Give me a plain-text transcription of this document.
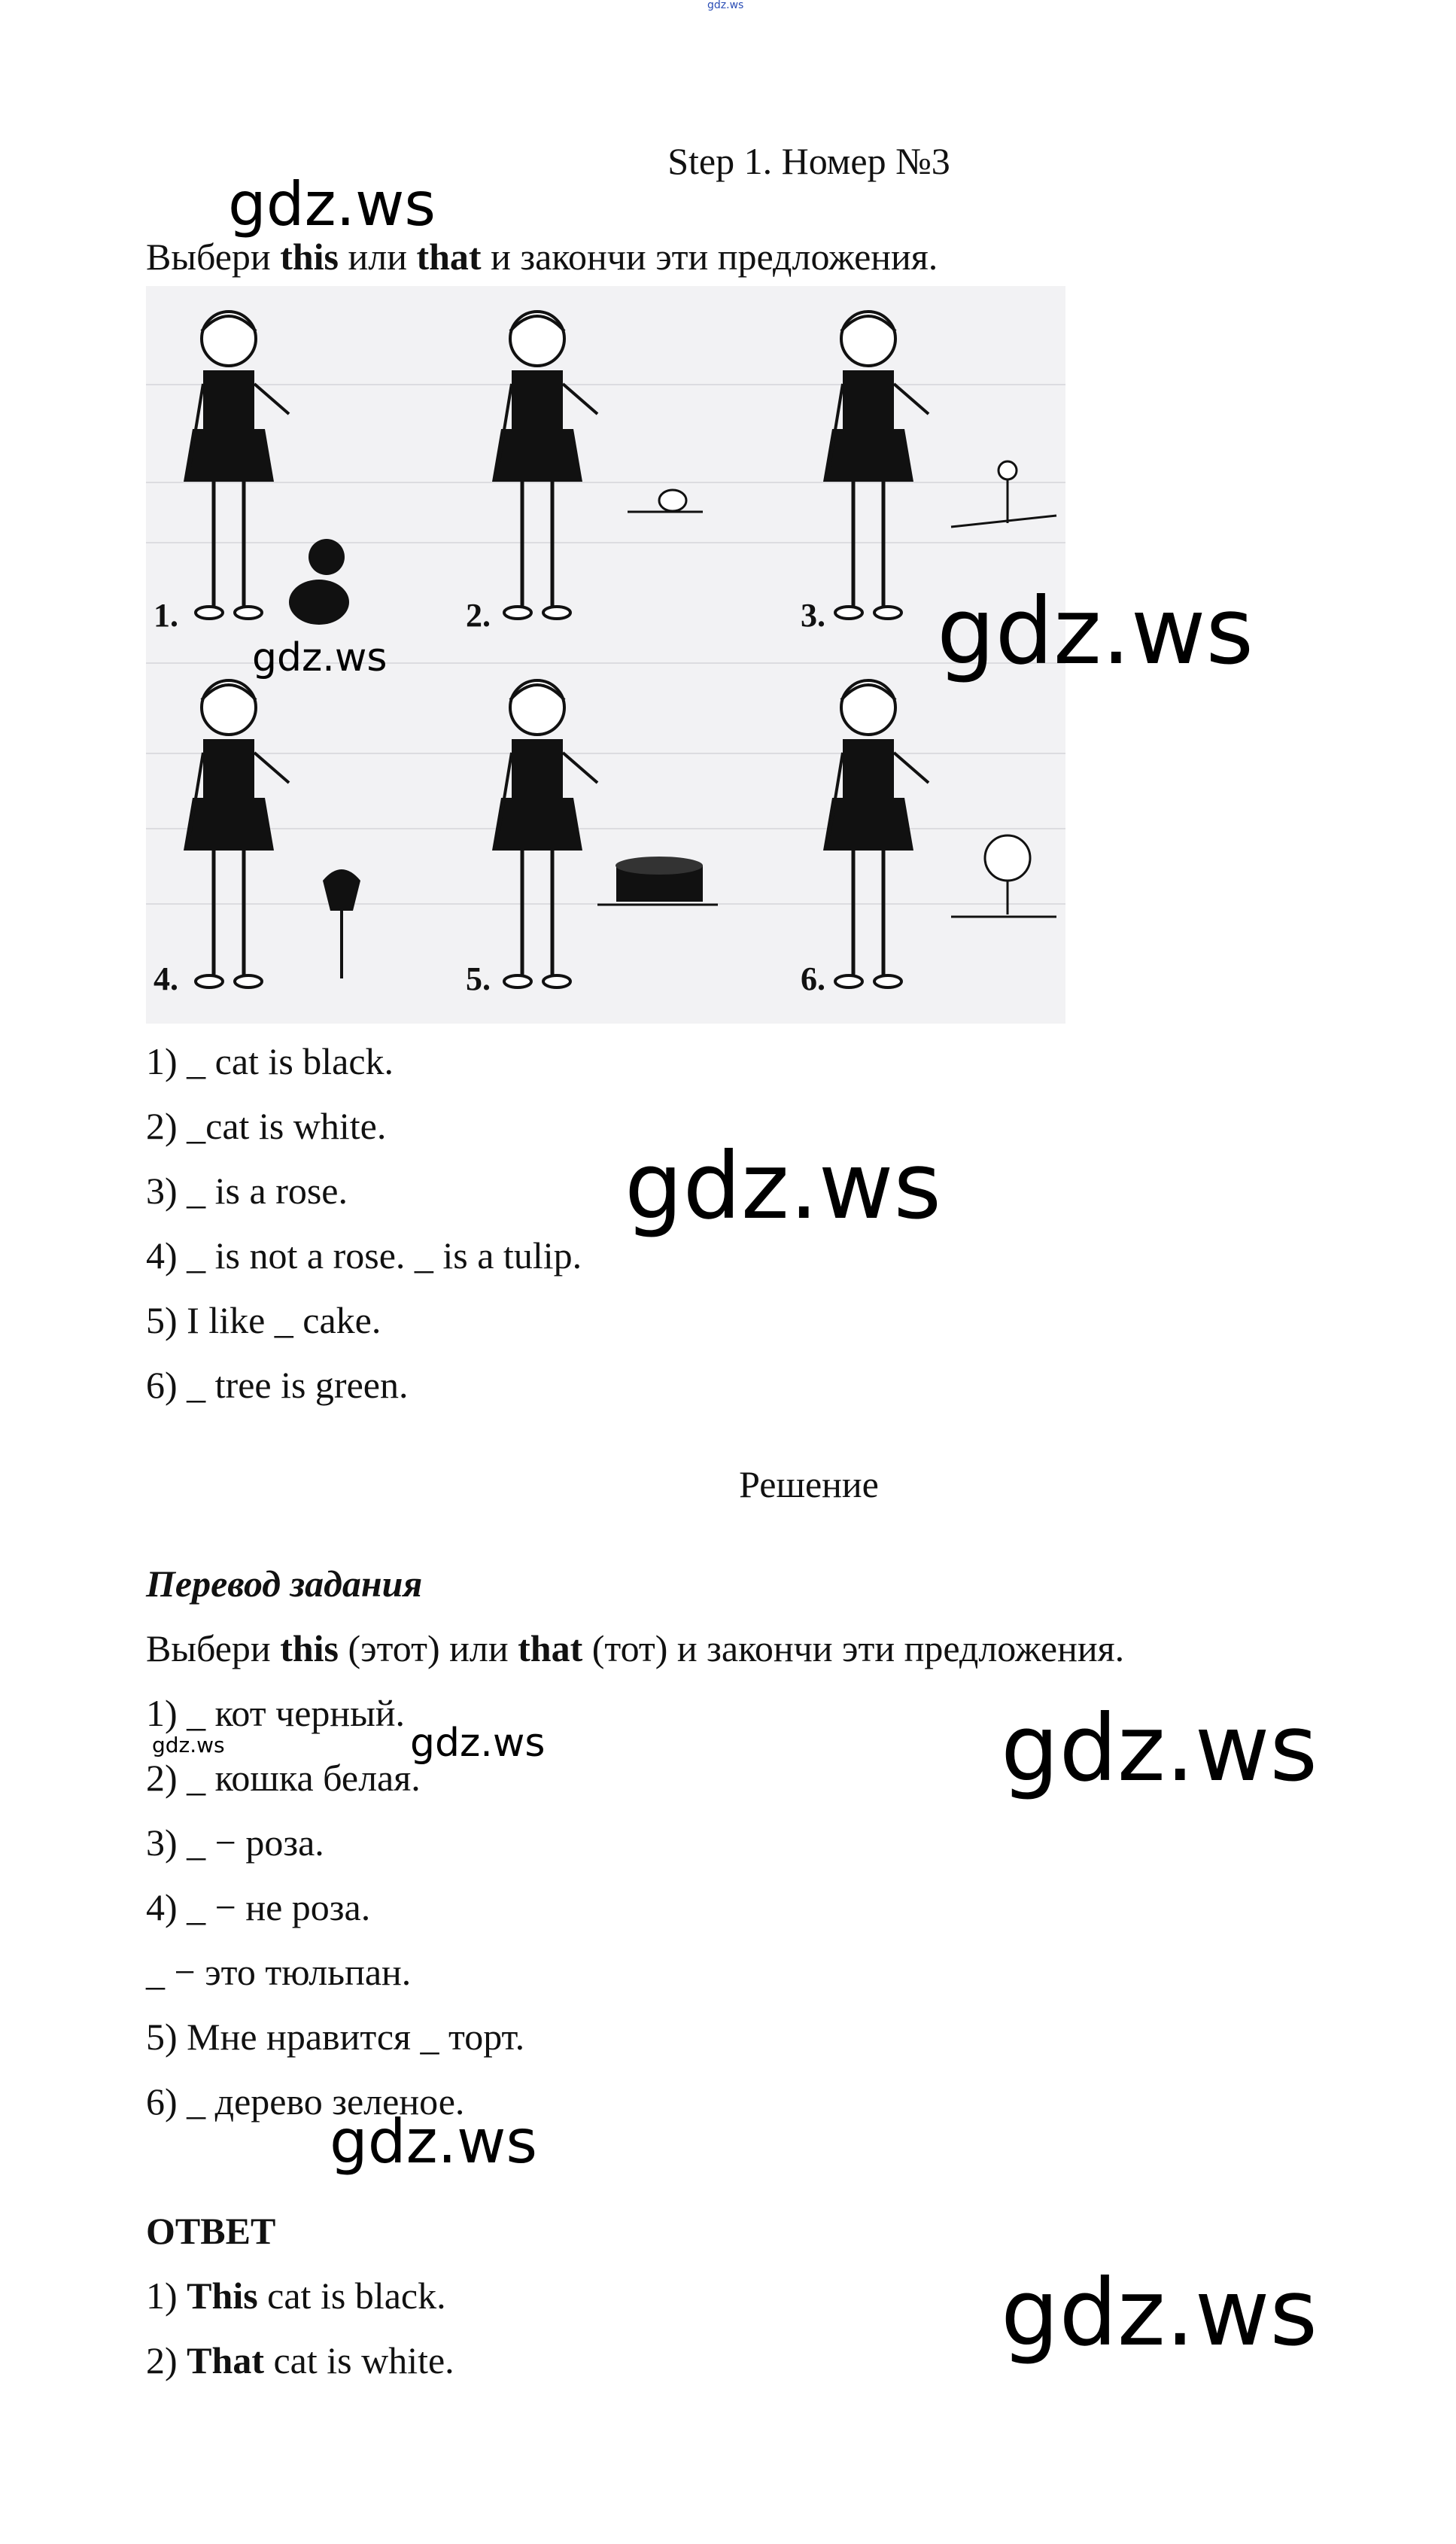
gdz.ws
Step 1. Номер №3
gdz.ws
Выбери this или that и закончи эти предложения.
1.	2.	3.
4.	5.	6.
gdz.ws
gdz.ws
1) _ cat is black.
2) _cat is white.
3) _ is a rose.
4) _ is not a rose. _ is a tulip.
5) I like _ cake.
6) _ tree is green.
gdz.ws
Решение
Перевод задания
Выбери this (этот) или that (тот) и закончи эти предложения.
1) _ кот черный.
gdz.ws	gdz.ws	gdz.ws
2) _ кошка белая.
3) _ − роза.
4) _ − не роза.
_ − это тюльпан.
5) Мне нравится _ торт.
6) _ дерево зеленое.
gdz.ws
ОТВЕТ
1) This cat is black.
2) That cat is white.	gdz.ws
